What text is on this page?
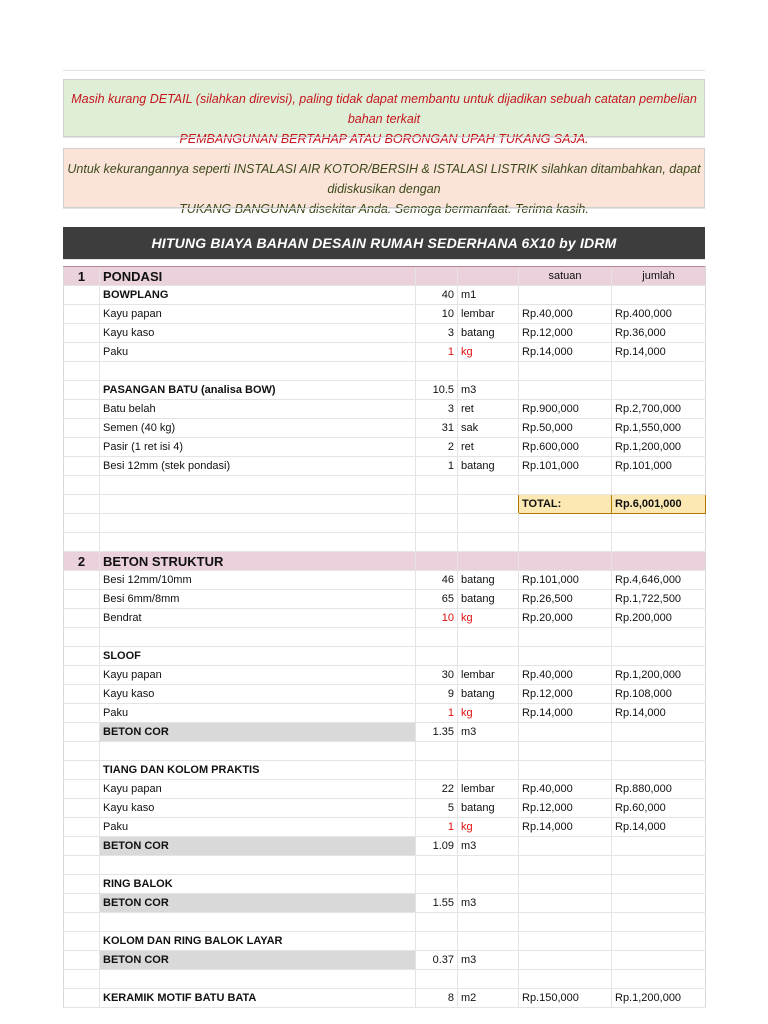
Masih kurang DETAIL (silahkan direvisi), paling tidak dapat membantu untuk dijadikan sebuah catatan pembelian bahan terkait
PEMBANGUNAN BERTAHAP ATAU BORONGAN UPAH TUKANG SAJA.
Untuk kekurangannya seperti INSTALASI AIR KOTOR/BERSIH & ISTALASI LISTRIK silahkan ditambahkan, dapat didiskusikan dengan
TUKANG BANGUNAN disekitar Anda. Semoga bermanfaat. Terima kasih.
HITUNG BIAYA BAHAN DESAIN RUMAH SEDERHANA 6X10 by IDRM
1	PONDASI			satuan	jumlah
	BOWPLANG	40	m1		
	Kayu papan	10	lembar	Rp.40,000	Rp.400,000
	Kayu kaso	3	batang	Rp.12,000	Rp.36,000
	Paku	1	kg	Rp.14,000	Rp.14,000

	PASANGAN BATU (analisa BOW)	10.5	m3		
	Batu belah	3	ret	Rp.900,000	Rp.2,700,000
	Semen (40 kg)	31	sak	Rp.50,000	Rp.1,550,000
	Pasir (1 ret isi 4)	2	ret	Rp.600,000	Rp.1,200,000
	Besi 12mm (stek pondasi)	1	batang	Rp.101,000	Rp.101,000

				TOTAL:	Rp.6,001,000

2	BETON STRUKTUR				
	Besi 12mm/10mm	46	batang	Rp.101,000	Rp.4,646,000
	Besi 6mm/8mm	65	batang	Rp.26,500	Rp.1,722,500
	Bendrat	10	kg	Rp.20,000	Rp.200,000

	SLOOF				
	Kayu papan	30	lembar	Rp.40,000	Rp.1,200,000
	Kayu kaso	9	batang	Rp.12,000	Rp.108,000
	Paku	1	kg	Rp.14,000	Rp.14,000
	BETON COR	1.35	m3		

	TIANG DAN KOLOM PRAKTIS				
	Kayu papan	22	lembar	Rp.40,000	Rp.880,000
	Kayu kaso	5	batang	Rp.12,000	Rp.60,000
	Paku	1	kg	Rp.14,000	Rp.14,000
	BETON COR	1.09	m3		

	RING BALOK				
	BETON COR	1.55	m3		

	KOLOM DAN RING BALOK LAYAR				
	BETON COR	0.37	m3		

	KERAMIK MOTIF BATU BATA	8	m2	Rp.150,000	Rp.1,200,000
